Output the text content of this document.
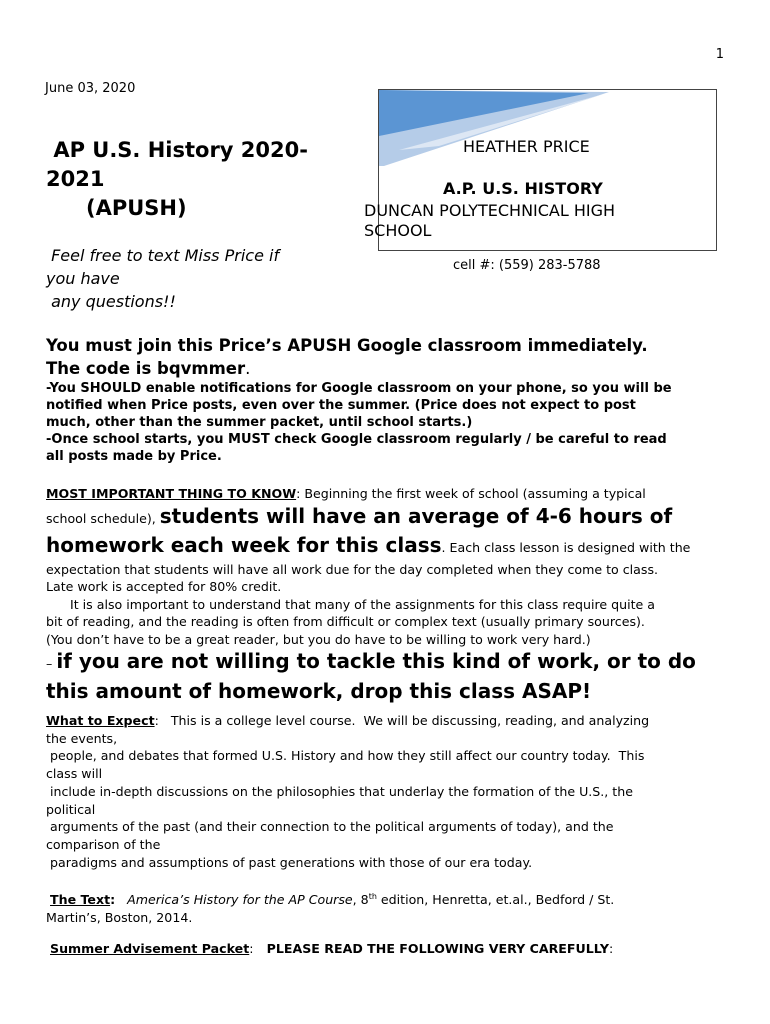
1
June 03, 2020
AP U.S. History 2020-
2021
(APUSH)
Feel free to text Miss Price if
you have
any questions!!
HEATHER PRICE
A.P. U.S. HISTORY
DUNCAN POLYTECHNICAL HIGH
SCHOOL
cell #: (559) 283-5788
You must join this Price’s APUSH Google classroom immediately.
The code is bqvmmer.

-You SHOULD enable notifications for Google classroom on your phone, so you will be

notified when Price posts, even over the summer. (Price does not expect to post

much, other than the summer packet, until school starts.)

-Once school starts, you MUST check Google classroom regularly / be careful to read

all posts made by Price.

MOST IMPORTANT THING TO KNOW: Beginning the first week of school (assuming a typical

school schedule), students will have an average of 4-6 hours of

homework each week for this class. Each class lesson is designed with the

expectation that students will have all work due for the day completed when they come to class.

Late work is accepted for 80% credit.

It is also important to understand that many of the assignments for this class require quite a

bit of reading, and the reading is often from difficult or complex text (usually primary sources).

(You don’t have to be a great reader, but you do have to be willing to work very hard.)

– if you are not willing to tackle this kind of work, or to do

this amount of homework, drop this class ASAP!

What to Expect:   This is a college level course.  We will be discussing, reading, and analyzing

the events,

people, and debates that formed U.S. History and how they still affect our country today.  This

class will

include in-depth discussions on the philosophies that underlay the formation of the U.S., the

political

arguments of the past (and their connection to the political arguments of today), and the

comparison of the

paradigms and assumptions of past generations with those of our era today.

The Text: America’s History for the AP Course, 8th edition, Henretta, et.al., Bedford / St.
Martin’s, Boston, 2014.
Summer Advisement Packet:   PLEASE READ THE FOLLOWING VERY CAREFULLY:
